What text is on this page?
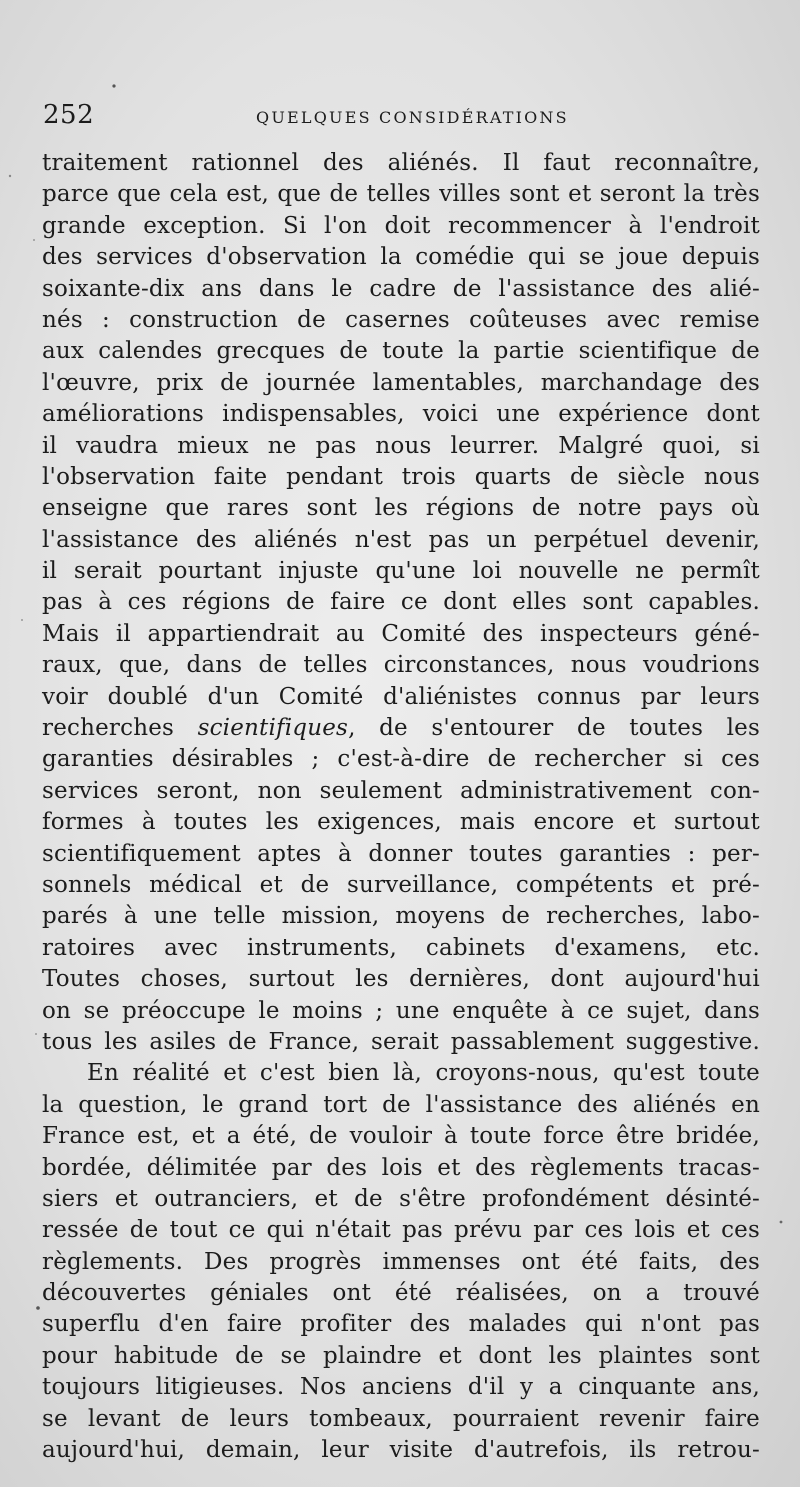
252	QUELQUES CONSIDÉRATIONS
traitement rationnel des aliénés. Il faut reconnaître,
parce que cela est, que de telles villes sont et seront la très
grande exception. Si l'on doit recommencer à l'endroit
des services d'observation la comédie qui se joue depuis
soixante-dix ans dans le cadre de l'assistance des alié-
nés : construction de casernes coûteuses avec remise
aux calendes grecques de toute la partie scientifique de
l'œuvre, prix de journée lamentables, marchandage des
améliorations indispensables, voici une expérience dont
il vaudra mieux ne pas nous leurrer. Malgré quoi, si
l'observation faite pendant trois quarts de siècle nous
enseigne que rares sont les régions de notre pays où
l'assistance des aliénés n'est pas un perpétuel devenir,
il serait pourtant injuste qu'une loi nouvelle ne permît
pas à ces régions de faire ce dont elles sont capables.
Mais il appartiendrait au Comité des inspecteurs géné-
raux, que, dans de telles circonstances, nous voudrions
voir doublé d'un Comité d'aliénistes connus par leurs
recherches scientifiques, de s'entourer de toutes les
garanties désirables ; c'est-à-dire de rechercher si ces
services seront, non seulement administrativement con-
formes à toutes les exigences, mais encore et surtout
scientifiquement aptes à donner toutes garanties : per-
sonnels médical et de surveillance, compétents et pré-
parés à une telle mission, moyens de recherches, labo-
ratoires avec instruments, cabinets d'examens, etc.
Toutes choses, surtout les dernières, dont aujourd'hui
on se préoccupe le moins ; une enquête à ce sujet, dans
tous les asiles de France, serait passablement suggestive.
En réalité et c'est bien là, croyons-nous, qu'est toute
la question, le grand tort de l'assistance des aliénés en
France est, et a été, de vouloir à toute force être bridée,
bordée, délimitée par des lois et des règlements tracas-
siers et outranciers, et de s'être profondément désinté-
ressée de tout ce qui n'était pas prévu par ces lois et ces
règlements. Des progrès immenses ont été faits, des
découvertes géniales ont été réalisées, on a trouvé
superflu d'en faire profiter des malades qui n'ont pas
pour habitude de se plaindre et dont les plaintes sont
toujours litigieuses. Nos anciens d'il y a cinquante ans,
se levant de leurs tombeaux, pourraient revenir faire
aujourd'hui, demain, leur visite d'autrefois, ils retrou-
